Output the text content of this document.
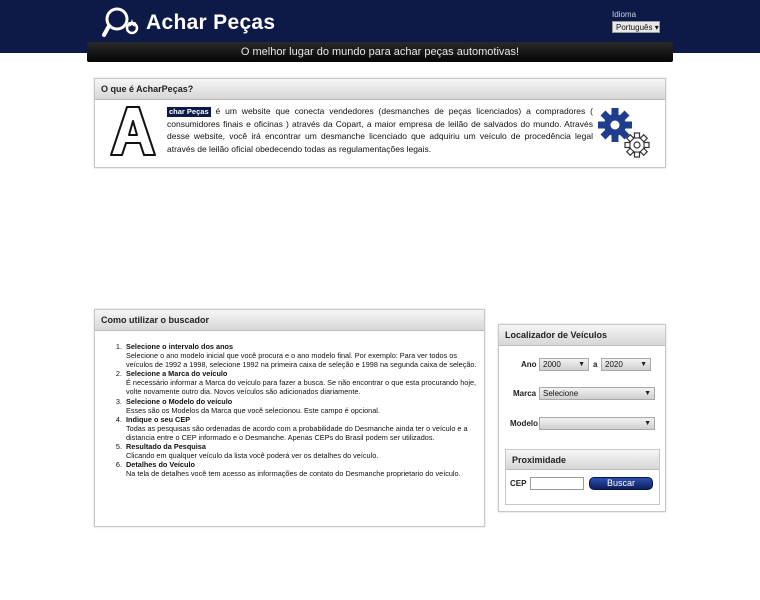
Achar Peças	Idioma
Português ▾
O melhor lugar do mundo para achar peças automotivas!
O que é AcharPeças?
char Peças é um website que conecta vendedores (desmanches de peças licenciados) a compradores ( consumidores finais e oficinas ) através da Copart, a maior empresa de leilão de salvados do mundo. Através desse website, você irá encontrar um desmanche licenciado que adquiriu um veículo de procedência legal através de leilão oficial obedecendo todas as regulamentações legais.
Como utilizar o buscador
1. Selecione o intervalo dos anos
Selecione o ano modelo inicial que você procura e o ano modelo final. Por exemplo: Para ver todos os veículos de 1992 a 1998, selecione 1992 na primeira caixa de seleção e 1998 na segunda caixa de seleção.
2. Selecione a Marca do veículo
É necessário informar a Marca do veículo para fazer a busca. Se não encontrar o que esta procurando hoje, volte novamente outro dia. Novos veículos são adicionados diariamente.
3. Selecione o Modelo do veículo
Esses são os Modelos da Marca que você selecionou. Este campo é opcional.
4. Indique o seu CEP
Todas as pesquisas são ordenadas de acordo com a probabilidade do Desmanche ainda ter o veículo e a distancia entre o CEP informado e o Desmanche. Apenas CEPs do Brasil podem ser utilizados.
5. Resultado da Pesquisa
Clicando em qualquer veículo da lista você poderá ver os detalhes do veículo.
6. Detalhes do Veículo
Na tela de detalhes você tem acesso as informações de contato do Desmanche proprietario do veículo.
Localizador de Veículos
Ano 2000 ▼ a 2020 ▼
Marca Selecione	▼
Modelo	▼
Proximidade
CEP	Buscar
